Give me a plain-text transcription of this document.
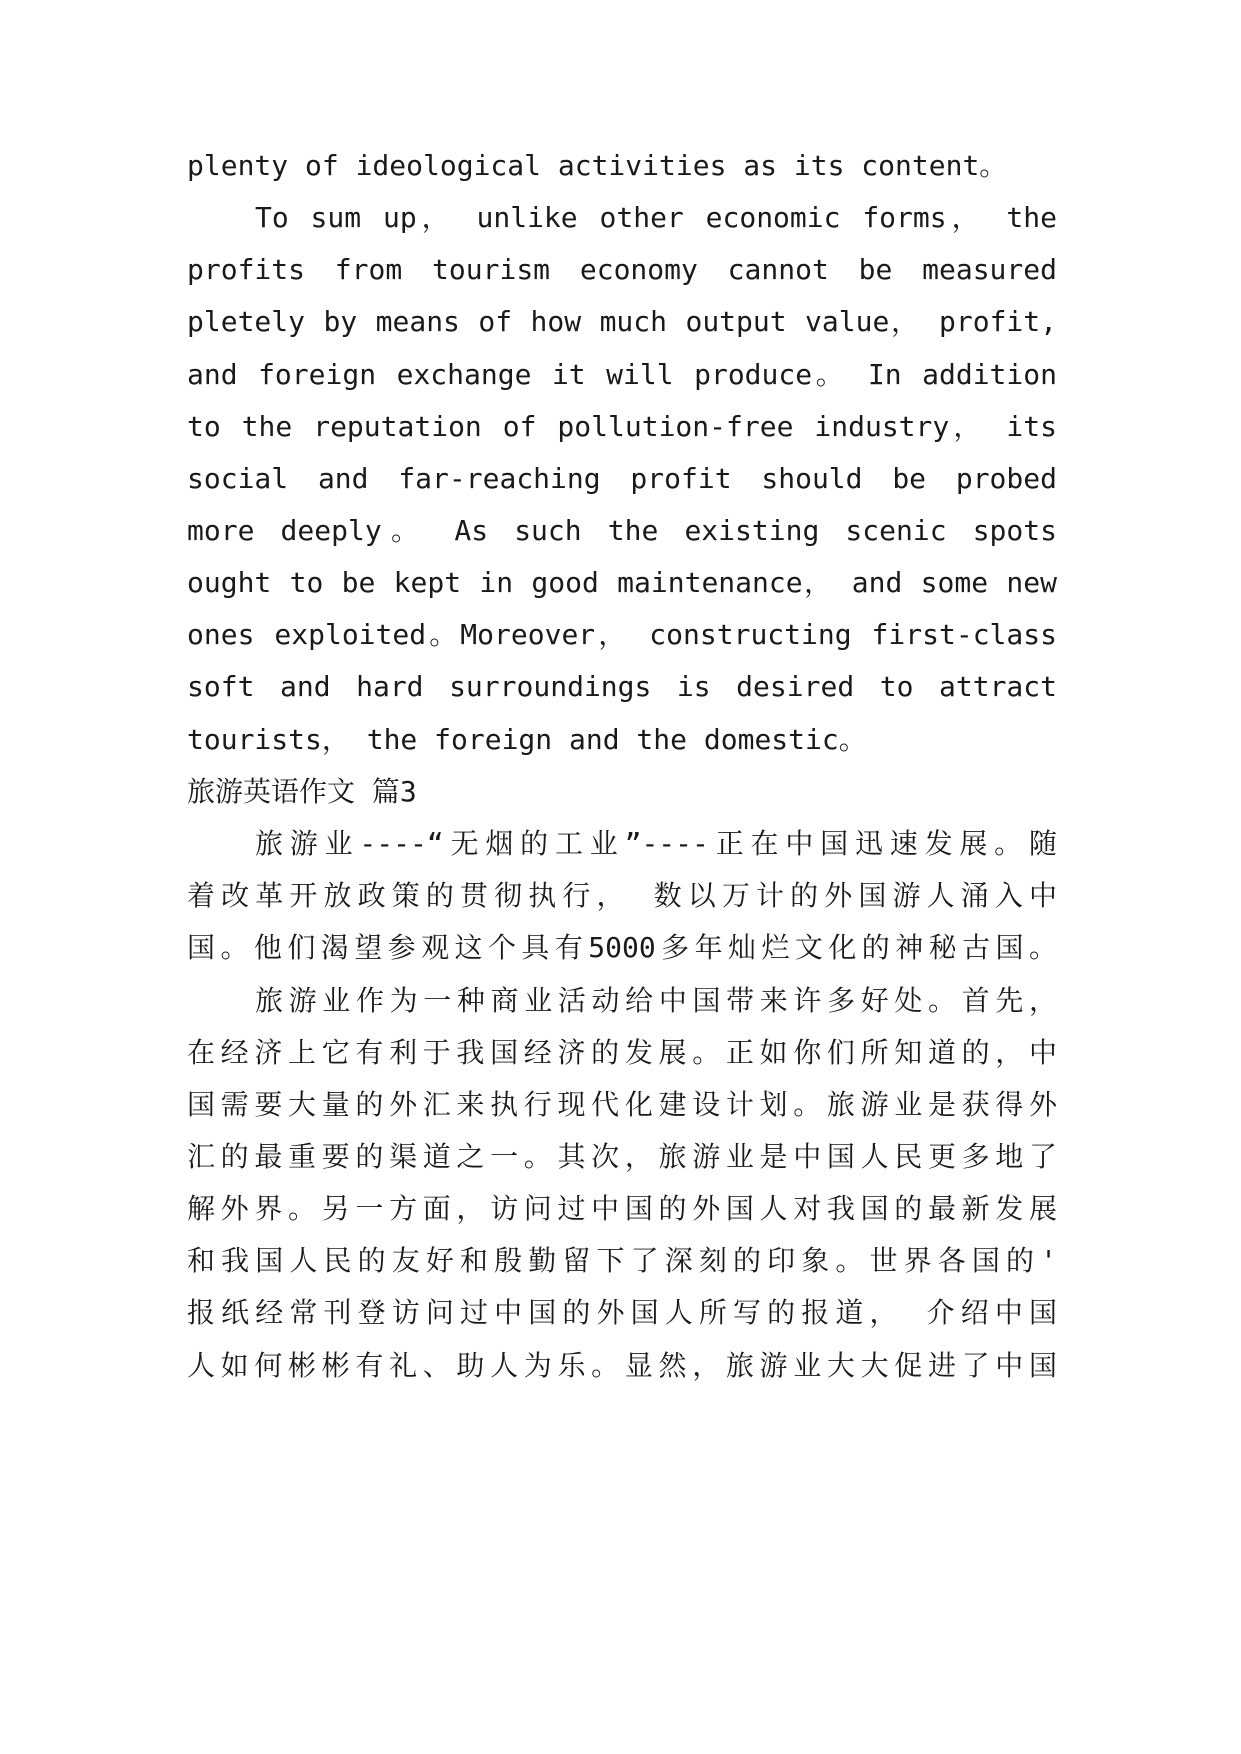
plenty of ideological activities as its content。
To sum up， unlike other economic forms， the
profits from tourism economy cannot be measured
pletely by means of how much output value， profit,
and foreign exchange it will produce。 In addition
to the reputation of pollution-free industry， its
social and far-reaching profit should be probed
more deeply。 As such the existing scenic spots
ought to be kept in good maintenance， and some new
ones exploited。Moreover， constructing first-class
soft and hard surroundings is desired to attract
tourists， the foreign and the domestic。
旅游英语作文 篇3
旅游业----“无烟的工业”----正在中国迅速发展。随
着改革开放政策的贯彻执行， 数以万计的外国游人涌入中
国。他们渴望参观这个具有5000多年灿烂文化的神秘古国。
旅游业作为一种商业活动给中国带来许多好处。首先，
在经济上它有利于我国经济的发展。正如你们所知道的，中
国需要大量的外汇来执行现代化建设计划。旅游业是获得外
汇的最重要的渠道之一。其次，旅游业是中国人民更多地了
解外界。另一方面，访问过中国的外国人对我国的最新发展
和我国人民的友好和殷勤留下了深刻的印象。世界各国的'
报纸经常刊登访问过中国的外国人所写的报道， 介绍中国
人如何彬彬有礼、助人为乐。显然，旅游业大大促进了中国
